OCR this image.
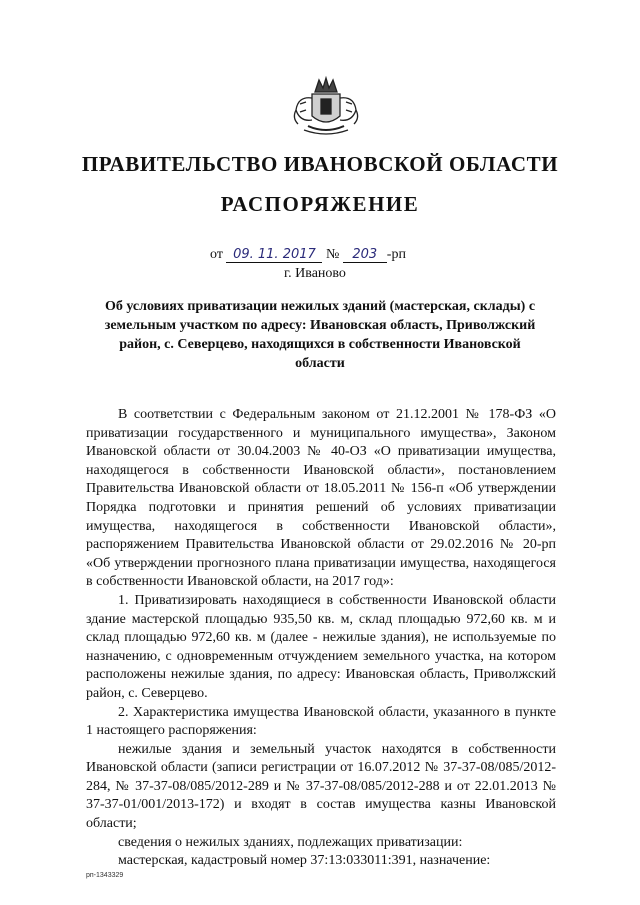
ПРАВИТЕЛЬСТВО ИВАНОВСКОЙ ОБЛАСТИ
РАСПОРЯЖЕНИЕ
от 09. 11. 2017 № 203 -рп
г. Иваново
Об условиях приватизации нежилых зданий (мастерская, склады) с земельным участком по адресу: Ивановская область, Приволжский район, с. Северцево, находящихся в собственности Ивановской области

В соответствии с Федеральным законом от 21.12.2001 № 178-ФЗ «О приватизации государственного и муниципального имущества», Законом Ивановской области от 30.04.2003 № 40-ОЗ «О приватизации имущества, находящегося в собственности Ивановской области», постановлением Правительства Ивановской области от 18.05.2011 № 156-п «Об утверждении Порядка подготовки и принятия решений об условиях приватизации имущества, находящегося в собственности Ивановской области», распоряжением Правительства Ивановской области от 29.02.2016 № 20-рп «Об утверждении прогнозного плана приватизации имущества, находящегося в собственности Ивановской области, на 2017 год»:

1. Приватизировать находящиеся в собственности Ивановской области здание мастерской площадью 935,50 кв. м, склад площадью 972,60 кв. м и склад площадью 972,60 кв. м (далее - нежилые здания), не используемые по назначению, с одновременным отчуждением земельного участка, на котором расположены нежилые здания, по адресу: Ивановская область, Приволжский район, с. Северцево.

2. Характеристика имущества Ивановской области, указанного в пункте 1 настоящего распоряжения:

нежилые здания и земельный участок находятся в собственности Ивановской области (записи регистрации от 16.07.2012 № 37-37-08/085/2012-284, № 37-37-08/085/2012-289 и № 37-37-08/085/2012-288 и от 22.01.2013 № 37-37-01/001/2013-172) и входят в состав имущества казны Ивановской области;

сведения о нежилых зданиях, подлежащих приватизации:

мастерская, кадастровый номер 37:13:033011:391, назначение:

рп-1343329
